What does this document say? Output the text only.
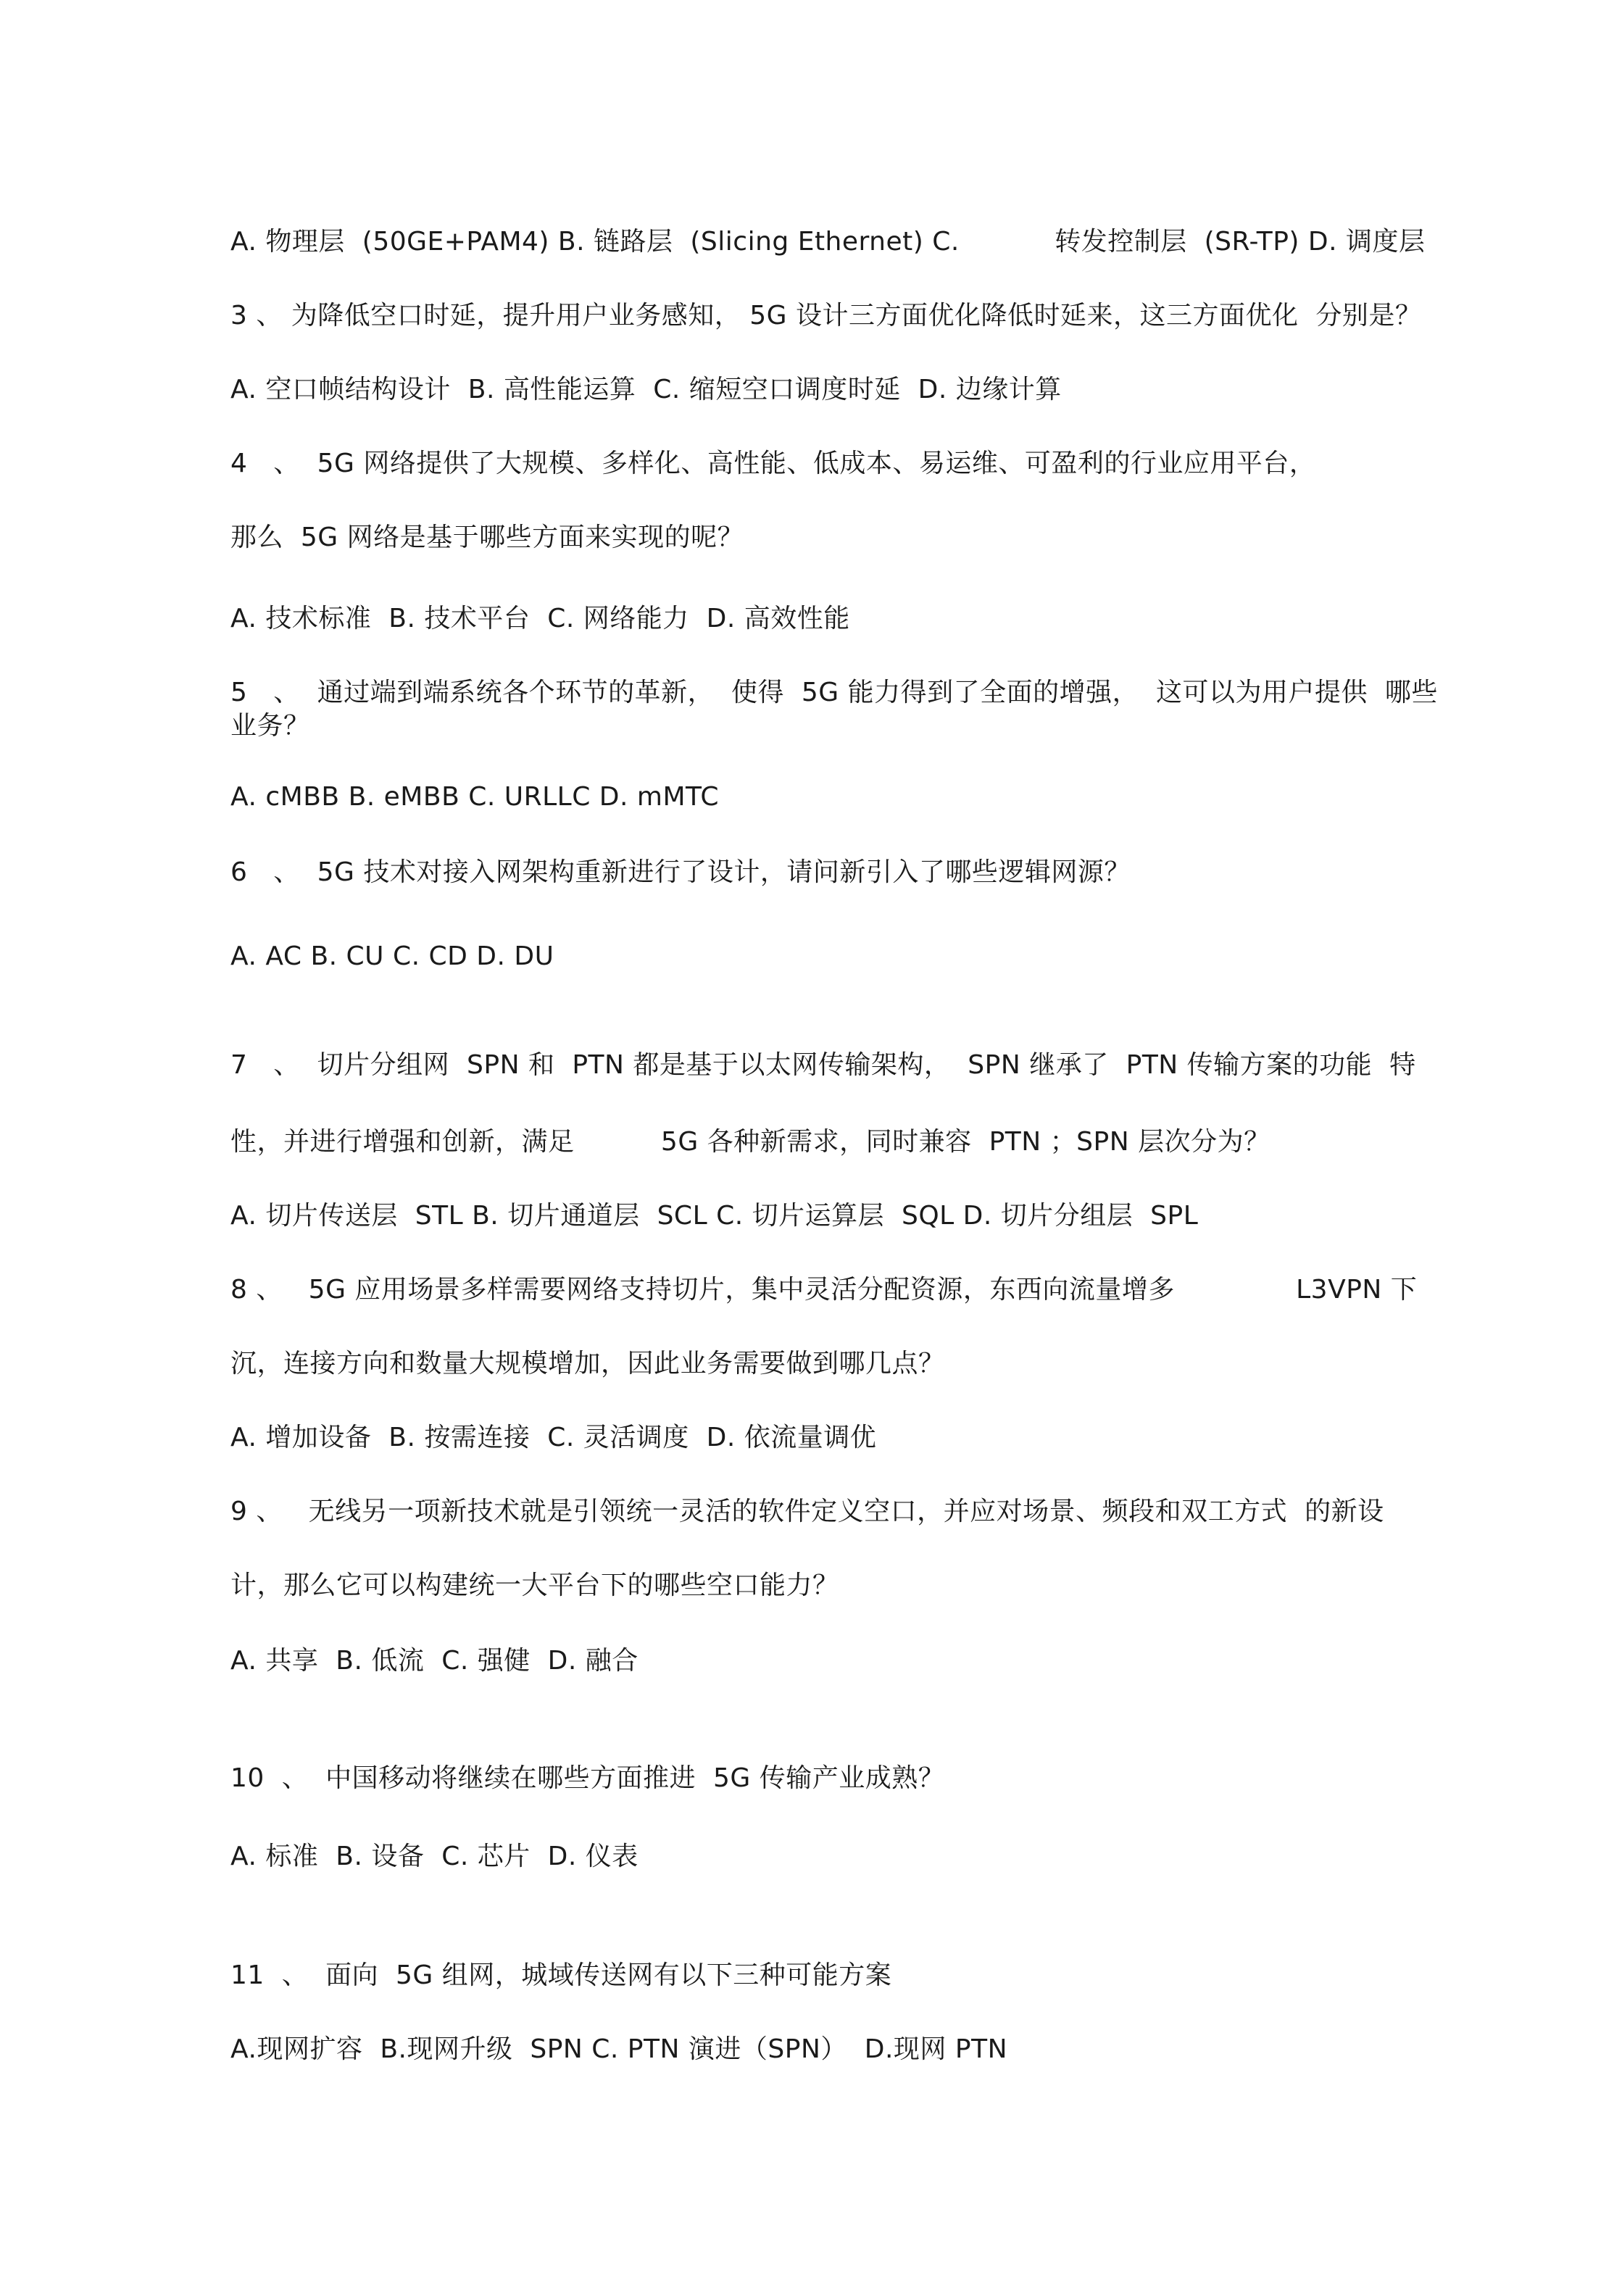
A. 物理层  (50GE+PAM4) B. 链路层  (Slicing Ethernet) C.           转发控制层  (SR-TP) D. 调度层
3 、 为降低空口时延，提升用户业务感知， 5G 设计三方面优化降低时延来，这三方面优化  分别是？
A. 空口帧结构设计  B. 高性能运算  C. 缩短空口调度时延  D. 边缘计算
4   、  5G 网络提供了大规模、多样化、高性能、低成本、易运维、可盈利的行业应用平台，
那么  5G 网络是基于哪些方面来实现的呢？
A. 技术标准  B. 技术平台  C. 网络能力  D. 高效性能
5   、  通过端到端系统各个环节的革新，  使得  5G 能力得到了全面的增强，  这可以为用户提供  哪些
业务？
A. cMBB B. eMBB C. URLLC D. mMTC
6   、  5G 技术对接入网架构重新进行了设计，请问新引入了哪些逻辑网源？
A. AC B. CU C. CD D. DU
7   、  切片分组网  SPN 和  PTN 都是基于以太网传输架构，  SPN 继承了  PTN 传输方案的功能  特
性，并进行增强和创新，满足          5G 各种新需求，同时兼容  PTN ；SPN 层次分为？
A. 切片传送层  STL B. 切片通道层  SCL C. 切片运算层  SQL D. 切片分组层  SPL
8 、   5G 应用场景多样需要网络支持切片，集中灵活分配资源，东西向流量增多              L3VPN 下
沉，连接方向和数量大规模增加，因此业务需要做到哪几点？
A. 增加设备  B. 按需连接  C. 灵活调度  D. 依流量调优
9 、   无线另一项新技术就是引领统一灵活的软件定义空口，并应对场景、频段和双工方式  的新设
计，那么它可以构建统一大平台下的哪些空口能力？
A. 共享  B. 低流  C. 强健  D. 融合
10  、  中国移动将继续在哪些方面推进  5G 传输产业成熟？
A. 标准  B. 设备  C. 芯片  D. 仪表
11  、  面向  5G 组网，城域传送网有以下三种可能方案
A.现网扩容  B.现网升级  SPN C. PTN 演进（SPN）  D.现网 PTN
